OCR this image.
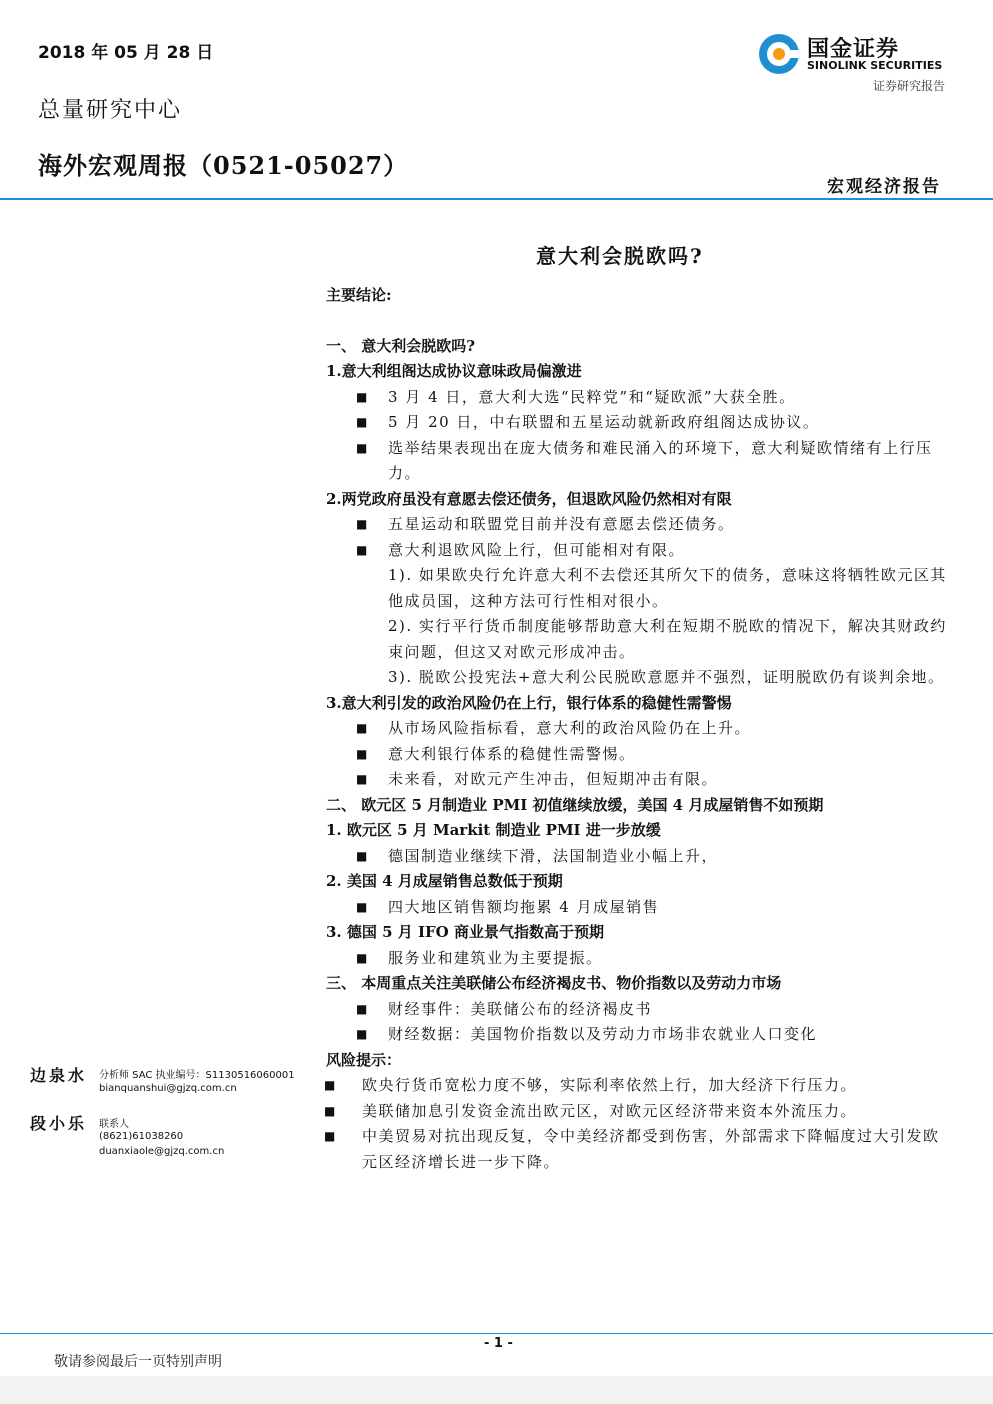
2018 年 05 月 28 日
总量研究中心
海外宏观周报（0521-05027）
国金证券
SINOLINK SECURITIES
证券研究报告
宏观经济报告
意大利会脱欧吗?

主要结论:

一、 意大利会脱欧吗?

1.意大利组阁达成协议意味政局偏激进

■ 3 月 4 日，意大利大选“民粹党”和“疑欧派”大获全胜。

■ 5 月 20 日，中右联盟和五星运动就新政府组阁达成协议。

■ 选举结果表现出在庞大债务和难民涌入的环境下，意大利疑欧情绪有上行压力。

2.两党政府虽没有意愿去偿还债务，但退欧风险仍然相对有限

■ 五星运动和联盟党目前并没有意愿去偿还债务。

■ 意大利退欧风险上行，但可能相对有限。

1). 如果欧央行允许意大利不去偿还其所欠下的债务，意味这将牺牲欧元区其他成员国，这种方法可行性相对很小。

2). 实行平行货币制度能够帮助意大利在短期不脱欧的情况下，解决其财政约束问题，但这又对欧元形成冲击。

3). 脱欧公投宪法+意大利公民脱欧意愿并不强烈，证明脱欧仍有谈判余地。

3.意大利引发的政治风险仍在上行，银行体系的稳健性需警惕

■ 从市场风险指标看，意大利的政治风险仍在上升。

■ 意大利银行体系的稳健性需警惕。

■ 未来看，对欧元产生冲击，但短期冲击有限。

二、 欧元区 5 月制造业 PMI 初值继续放缓，美国 4 月成屋销售不如预期

1. 欧元区 5 月 Markit 制造业 PMI 进一步放缓

■ 德国制造业继续下滑，法国制造业小幅上升，

2. 美国 4 月成屋销售总数低于预期

■ 四大地区销售额均拖累 4 月成屋销售

3. 德国 5 月 IFO 商业景气指数高于预期

■ 服务业和建筑业为主要提振。

三、 本周重点关注美联储公布经济褐皮书、物价指数以及劳动力市场

■ 财经事件：美联储公布的经济褐皮书

■ 财经数据：美国物价指数以及劳动力市场非农就业人口变化

风险提示：

■ 欧央行货币宽松力度不够，实际利率依然上行，加大经济下行压力。

■ 美联储加息引发资金流出欧元区，对欧元区经济带来资本外流压力。

■ 中美贸易对抗出现反复，令中美经济都受到伤害，外部需求下降幅度过大引发欧元区经济增长进一步下降。

边泉水 分析师 SAC 执业编号：S1130516060001
bianquanshui@gjzq.com.cn
段小乐 联系人
(8621)61038260
duanxiaole@gjzq.com.cn
- 1 -
敬请参阅最后一页特别声明
